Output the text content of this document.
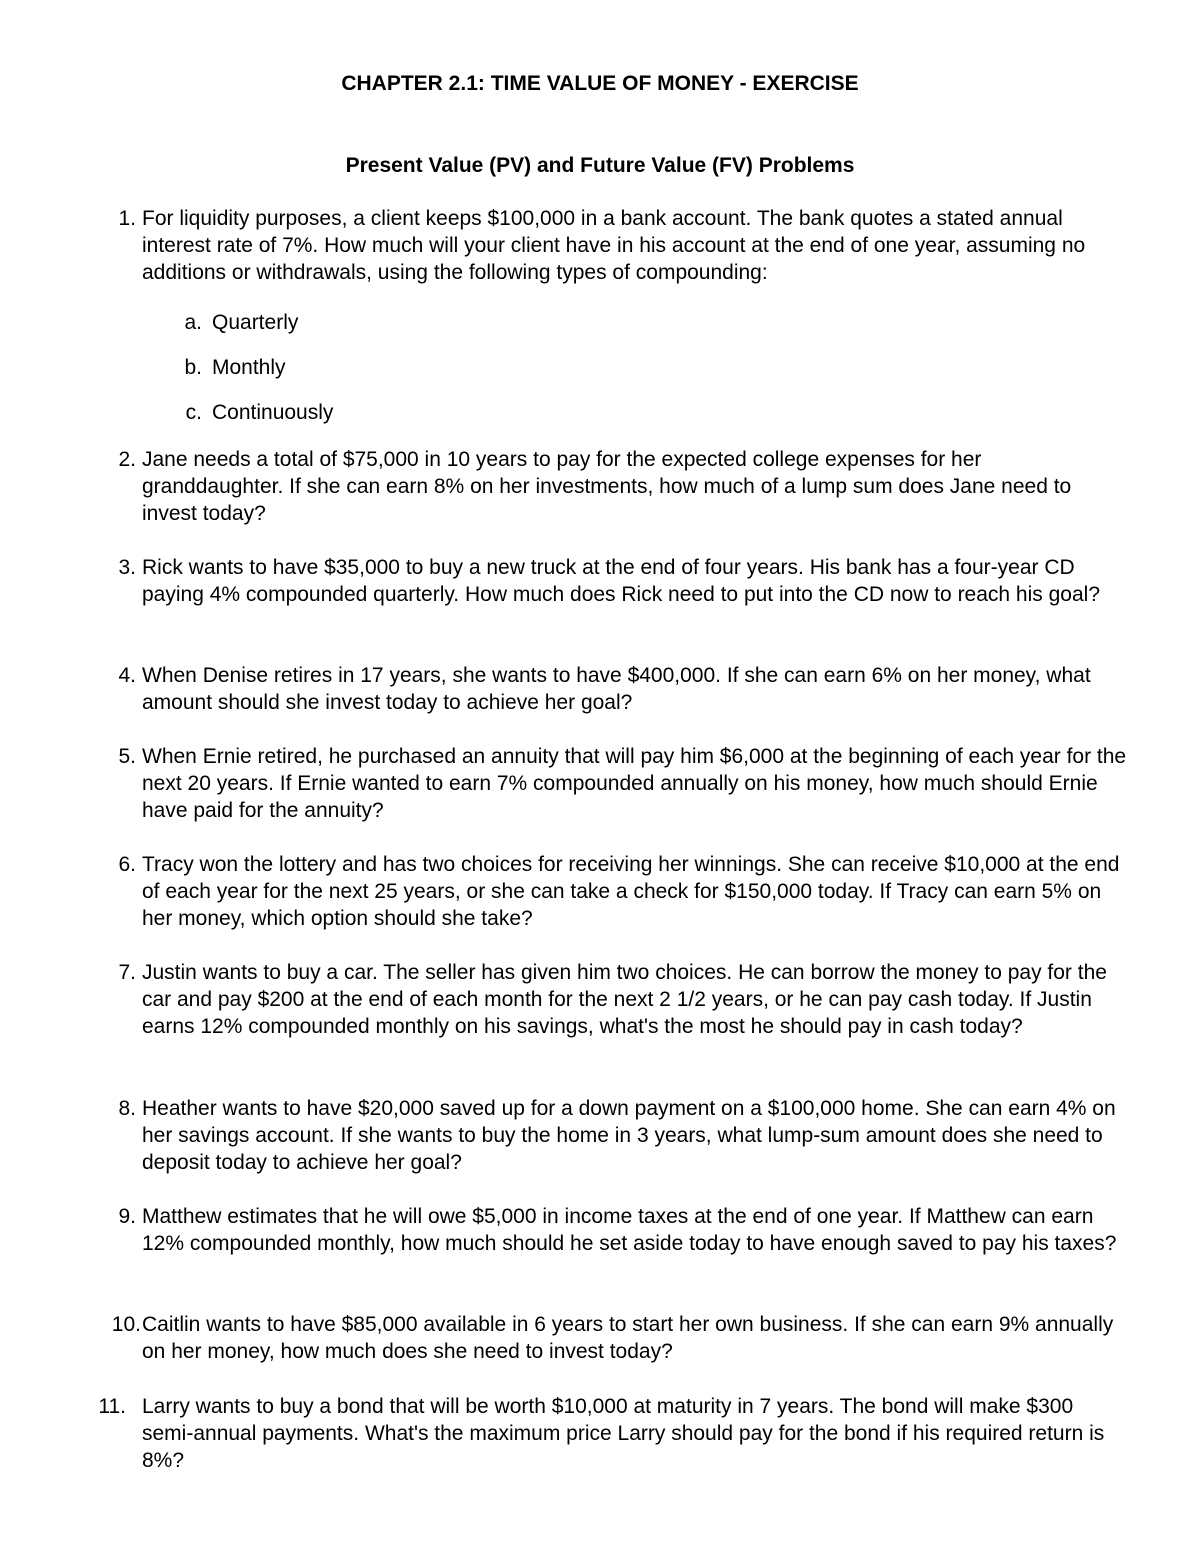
CHAPTER 2.1: TIME VALUE OF MONEY - EXERCISE
Present Value (PV) and Future Value (FV) Problems
1. For liquidity purposes, a client keeps $100,000 in a bank account. The bank quotes a stated annual interest rate of 7%. How much will your client have in his account at the end of one year, assuming no additions or withdrawals, using the following types of compounding:
a. Quarterly
b. Monthly
c. Continuously
2. Jane needs a total of $75,000 in 10 years to pay for the expected college expenses for her granddaughter. If she can earn 8% on her investments, how much of a lump sum does Jane need to invest today?
3. Rick wants to have $35,000 to buy a new truck at the end of four years. His bank has a four-year CD paying 4% compounded quarterly. How much does Rick need to put into the CD now to reach his goal?
4. When Denise retires in 17 years, she wants to have $400,000. If she can earn 6% on her money, what amount should she invest today to achieve her goal?
5. When Ernie retired, he purchased an annuity that will pay him $6,000 at the beginning of each year for the next 20 years. If Ernie wanted to earn 7% compounded annually on his money, how much should Ernie have paid for the annuity?
6. Tracy won the lottery and has two choices for receiving her winnings. She can receive $10,000 at the end of each year for the next 25 years, or she can take a check for $150,000 today. If Tracy can earn 5% on her money, which option should she take?
7. Justin wants to buy a car. The seller has given him two choices. He can borrow the money to pay for the car and pay $200 at the end of each month for the next 2 1/2 years, or he can pay cash today. If Justin earns 12% compounded monthly on his savings, what's the most he should pay in cash today?
8. Heather wants to have $20,000 saved up for a down payment on a $100,000 home. She can earn 4% on her savings account. If she wants to buy the home in 3 years, what lump-sum amount does she need to deposit today to achieve her goal?
9. Matthew estimates that he will owe $5,000 in income taxes at the end of one year. If Matthew can earn 12% compounded monthly, how much should he set aside today to have enough saved to pay his taxes?
10. Caitlin wants to have $85,000 available in 6 years to start her own business. If she can earn 9% annually on her money, how much does she need to invest today?
11. Larry wants to buy a bond that will be worth $10,000 at maturity in 7 years. The bond will make $300 semi-annual payments. What's the maximum price Larry should pay for the bond if his required return is 8%?
